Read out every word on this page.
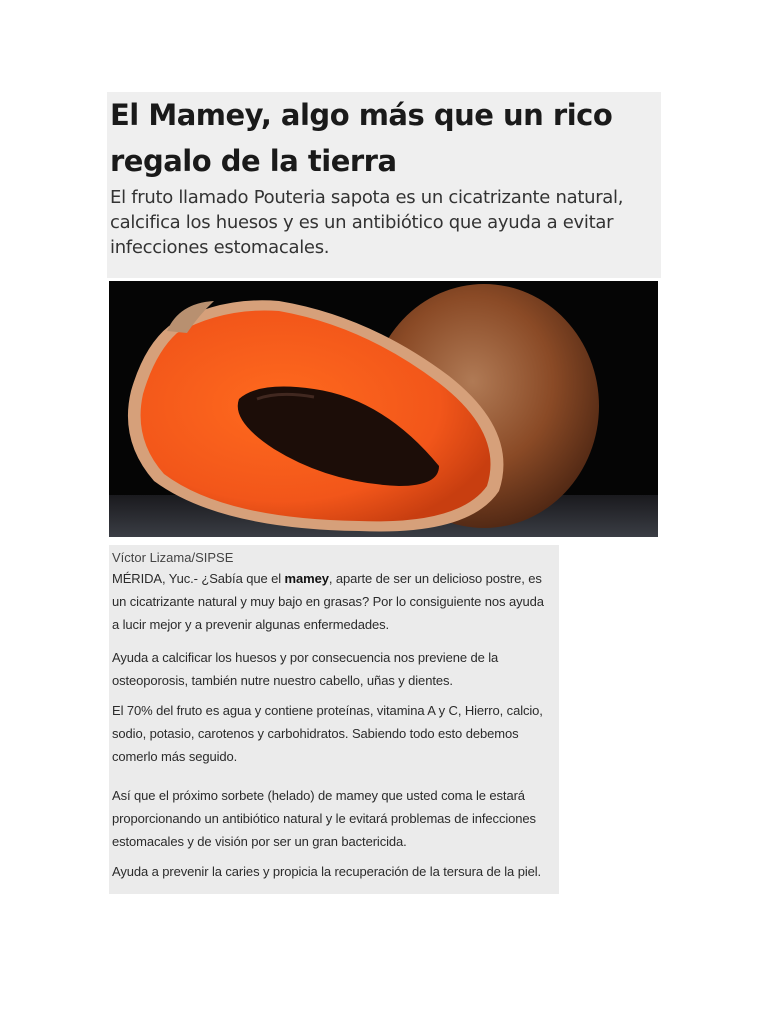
El Mamey, algo más que un rico regalo de la tierra

El fruto llamado Pouteria sapota es un cicatrizante natural, calcifica los huesos y es un antibiótico que ayuda a evitar infecciones estomacales.

Víctor Lizama/SIPSE

MÉRIDA, Yuc.- ¿Sabía que el mamey, aparte de ser un delicioso postre, es un cicatrizante natural y muy bajo en grasas? Por lo consiguiente nos ayuda a lucir mejor y a prevenir algunas enfermedades.

Ayuda a calcificar los huesos y por consecuencia nos previene de la osteoporosis, también nutre nuestro cabello, uñas y dientes.

El 70% del fruto es agua y contiene proteínas, vitamina A y C, Hierro, calcio, sodio, potasio, carotenos y carbohidratos. Sabiendo todo esto debemos comerlo más seguido.

Así que el próximo sorbete (helado) de mamey que usted coma le estará proporcionando un antibiótico natural y le evitará problemas de infecciones estomacales y de visión por ser un gran bactericida.

Ayuda a prevenir la caries y propicia la recuperación de la tersura de la piel.
